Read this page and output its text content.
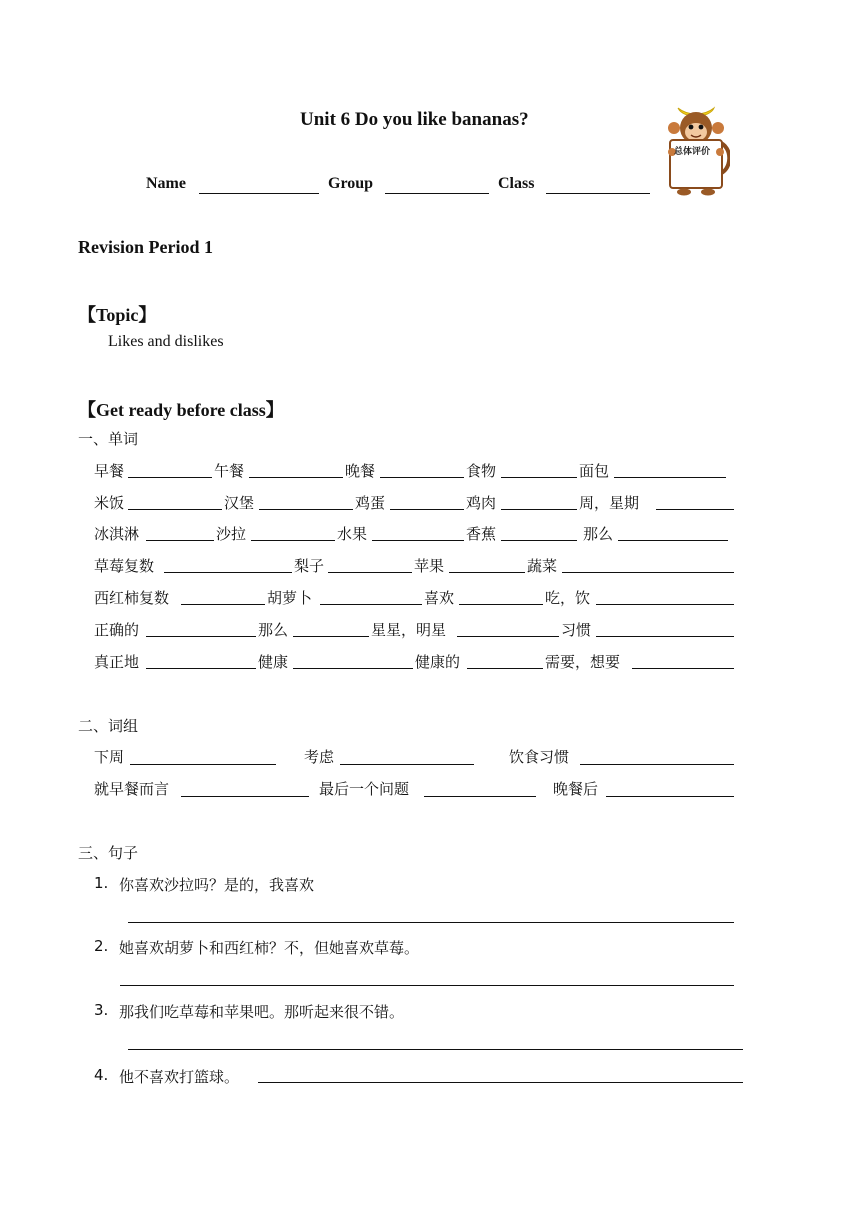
Unit 6 Do you like bananas?
Name	Group	Class
总体评价
Revision Period 1
【Topic】
Likes and dislikes
【Get ready before class】
一、单词
早餐	午餐	晚餐	食物	面包
米饭	汉堡	鸡蛋	鸡肉	周，星期
冰淇淋	沙拉	水果	香蕉	那么
草莓复数	梨子	苹果	蔬菜
西红柿复数	胡萝卜	喜欢	吃，饮
正确的	那么	星星，明星	习惯
真正地	健康	健康的	需要，想要
二、词组
下周	考虑	饮食习惯
就早餐而言	最后一个问题	晚餐后
三、句子
1. 你喜欢沙拉吗？是的，我喜欢
2. 她喜欢胡萝卜和西红柿？不，但她喜欢草莓。
3. 那我们吃草莓和苹果吧。那听起来很不错。
4. 他不喜欢打篮球。
